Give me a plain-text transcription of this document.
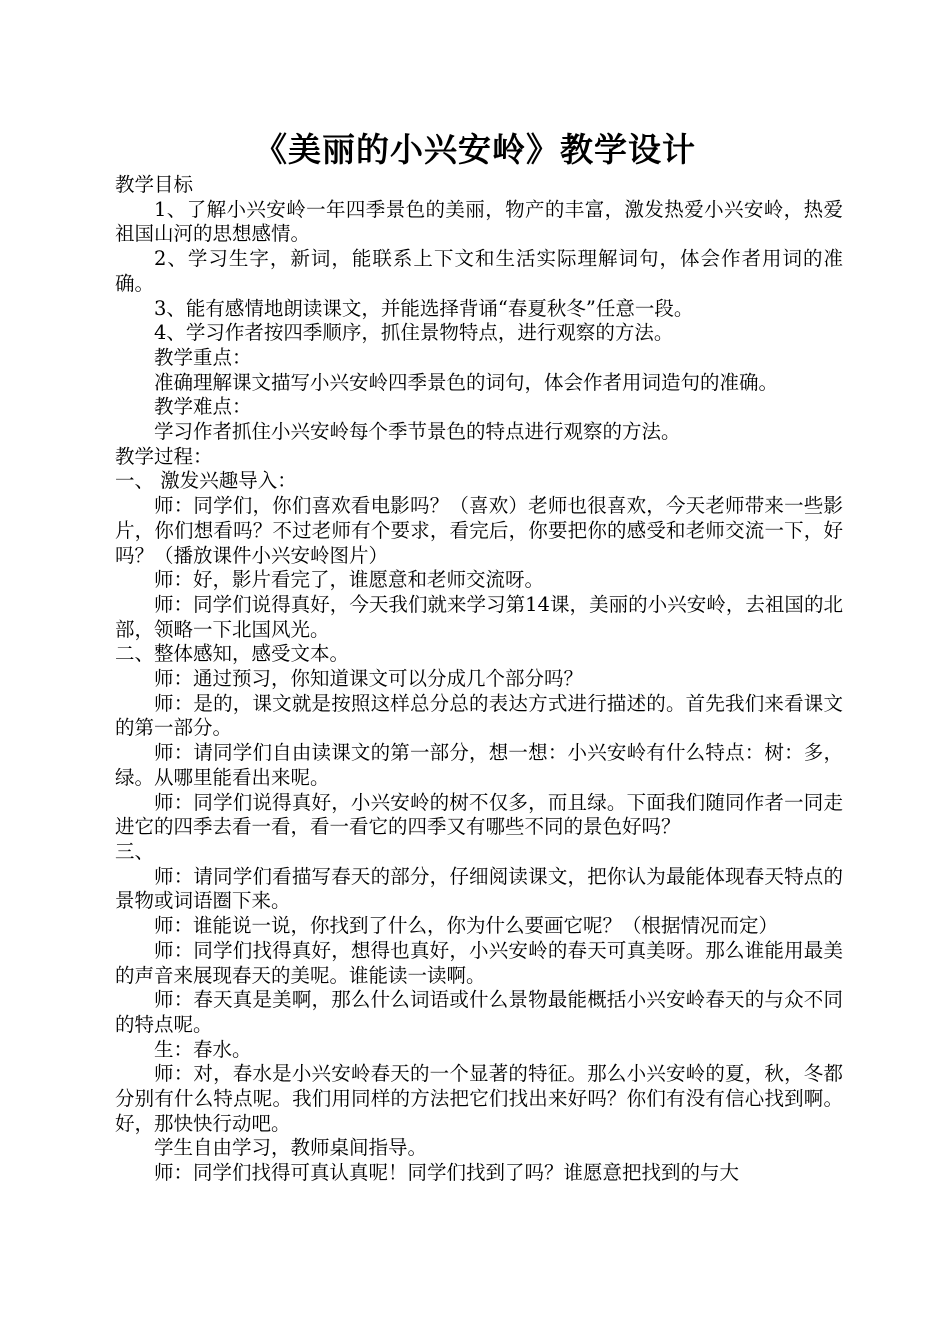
《美丽的小兴安岭》教学设计

教学目标

1、了解小兴安岭一年四季景色的美丽，物产的丰富，激发热爱小兴安岭，热爱祖国山河的思想感情。

2、学习生字，新词，能联系上下文和生活实际理解词句，体会作者用词的准确。

3、能有感情地朗读课文，并能选择背诵“春夏秋冬”任意一段。

4、学习作者按四季顺序，抓住景物特点，进行观察的方法。

教学重点：

准确理解课文描写小兴安岭四季景色的词句，体会作者用词造句的准确。

教学难点：

学习作者抓住小兴安岭每个季节景色的特点进行观察的方法。

教学过程：

一、 激发兴趣导入：

师：同学们，你们喜欢看电影吗？（喜欢）老师也很喜欢，今天老师带来一些影片，你们想看吗？不过老师有个要求，看完后，你要把你的感受和老师交流一下，好吗？（播放课件小兴安岭图片）

师：好，影片看完了，谁愿意和老师交流呀。

师：同学们说得真好，今天我们就来学习第14课，美丽的小兴安岭，去祖国的北部，领略一下北国风光。

二、整体感知，感受文本。

师：通过预习，你知道课文可以分成几个部分吗？

师：是的，课文就是按照这样总分总的表达方式进行描述的。首先我们来看课文的第一部分。

师：请同学们自由读课文的第一部分，想一想：小兴安岭有什么特点：树：多，绿。从哪里能看出来呢。

师：同学们说得真好，小兴安岭的树不仅多，而且绿。下面我们随同作者一同走进它的四季去看一看，看一看它的四季又有哪些不同的景色好吗？

三、

师：请同学们看描写春天的部分，仔细阅读课文，把你认为最能体现春天特点的景物或词语圈下来。

师：谁能说一说，你找到了什么，你为什么要画它呢？（根据情况而定）

师：同学们找得真好，想得也真好，小兴安岭的春天可真美呀。那么谁能用最美的声音来展现春天的美呢。谁能读一读啊。

师：春天真是美啊，那么什么词语或什么景物最能概括小兴安岭春天的与众不同的特点呢。

生：春水。

师：对，春水是小兴安岭春天的一个显著的特征。那么小兴安岭的夏，秋，冬都分别有什么特点呢。我们用同样的方法把它们找出来好吗？你们有没有信心找到啊。好，那快快行动吧。

学生自由学习，教师桌间指导。

师：同学们找得可真认真呢！同学们找到了吗？谁愿意把找到的与大
